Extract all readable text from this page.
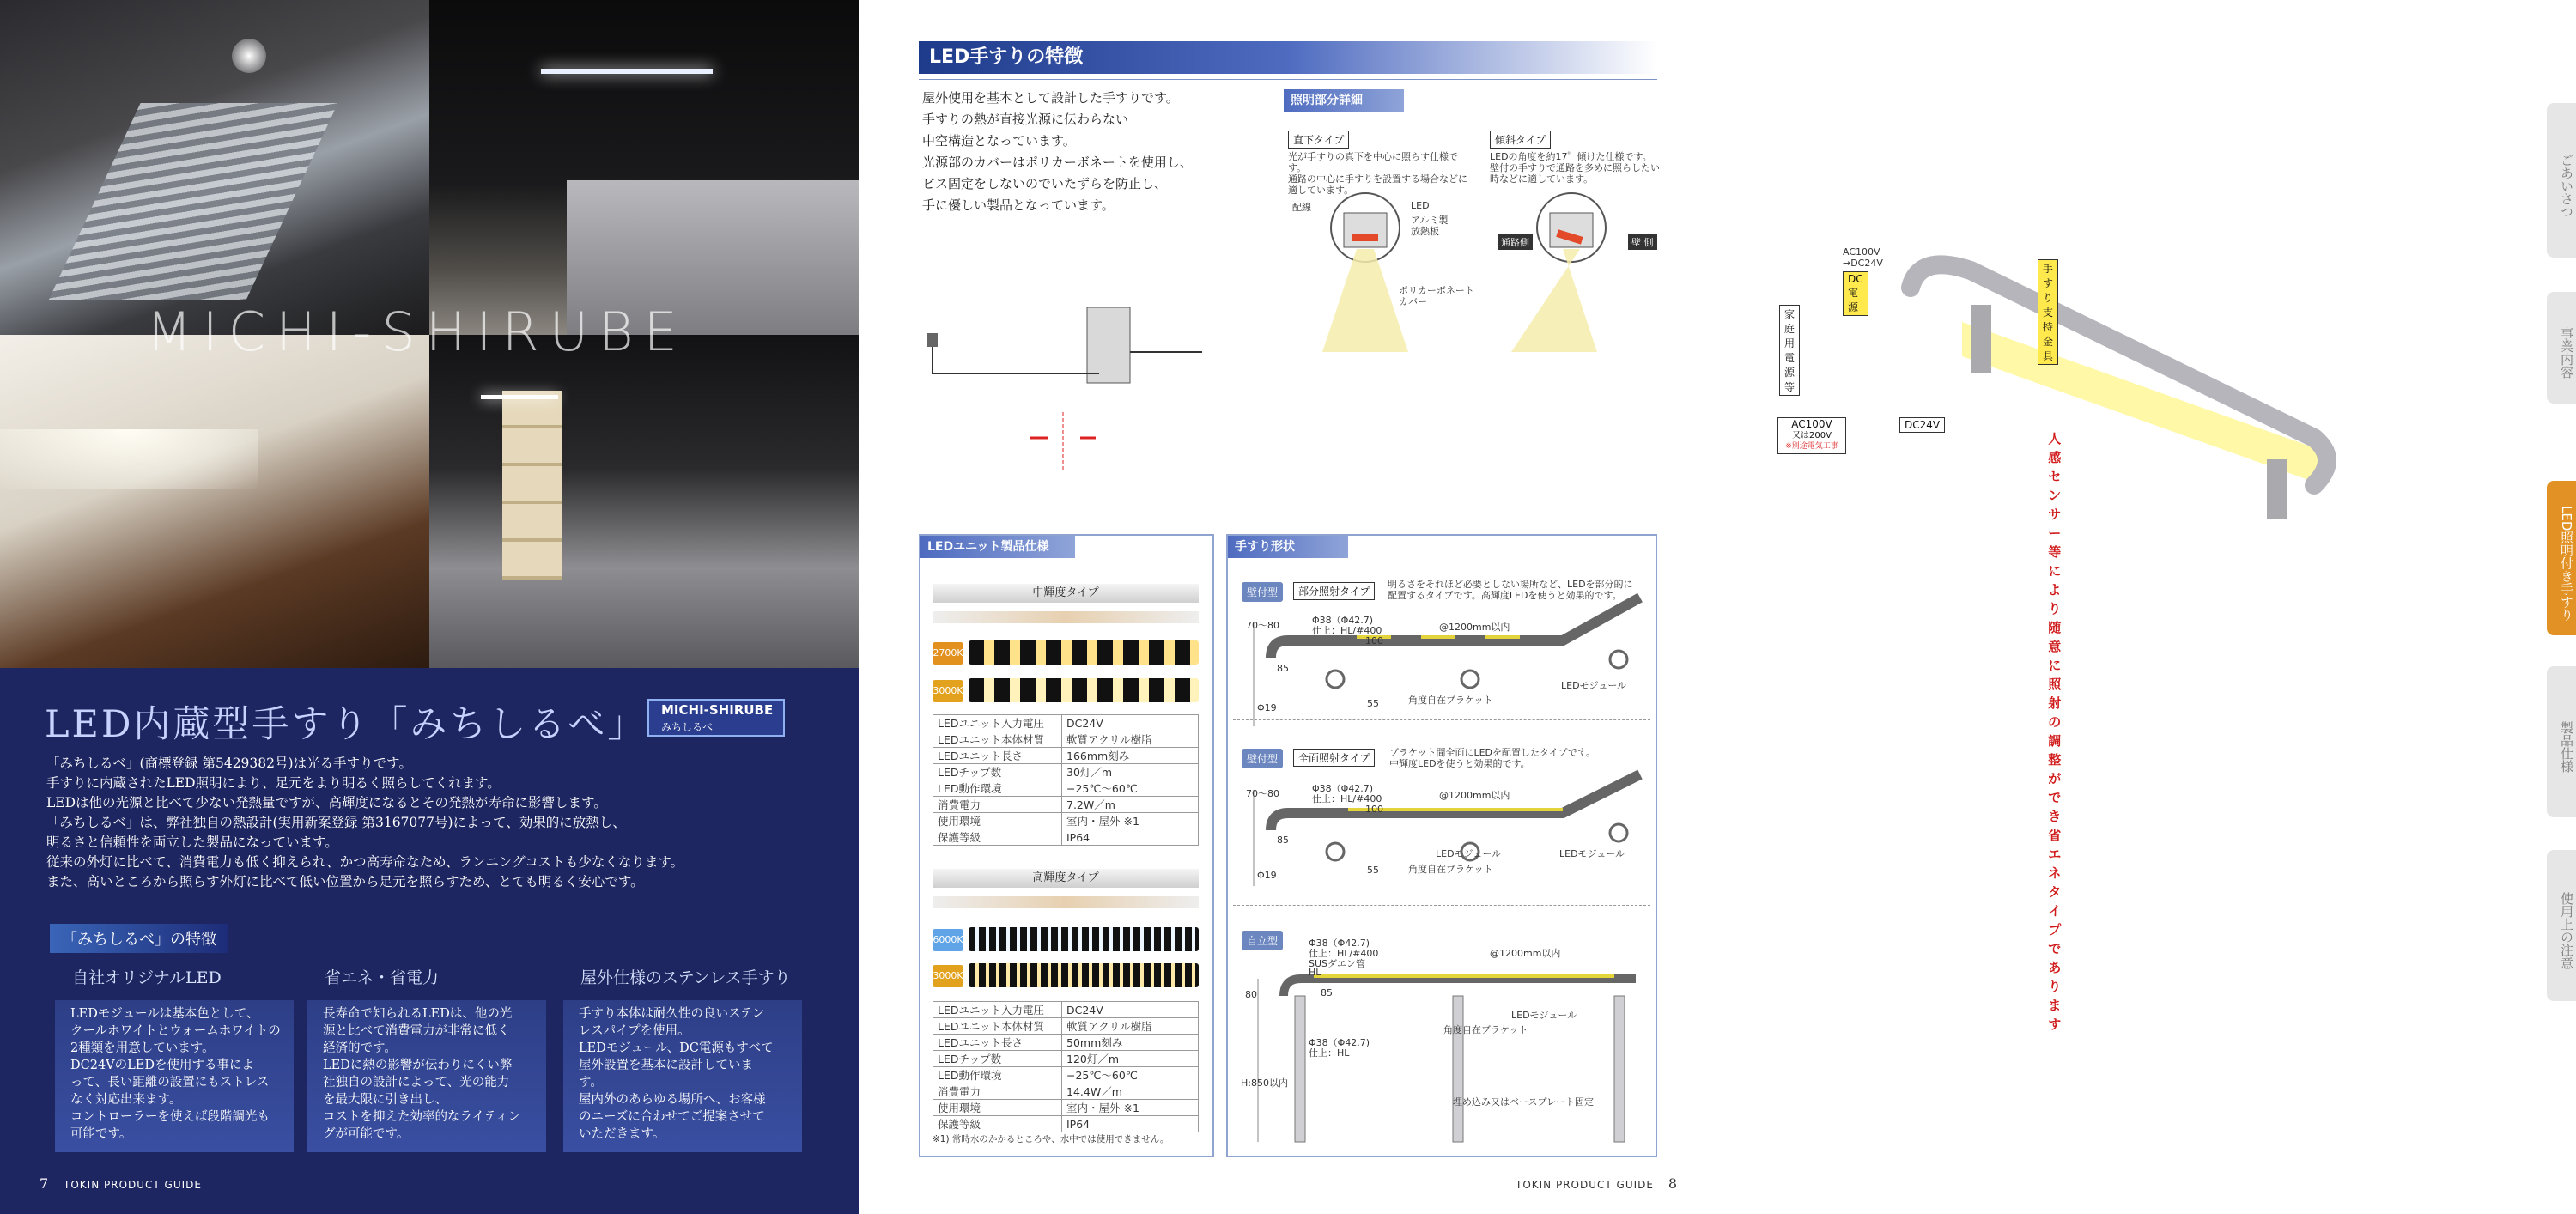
MICHI-SHIRUBE
LED内蔵型手すり「みちしるべ」 MICHI-SHIRUBE
みちしるべ
「みちしるべ」(商標登録 第5429382号)は光る手すりです。
手すりに内蔵されたLED照明により、足元をより明るく照らしてくれます。
LEDは他の光源と比べて少ない発熱量ですが、高輝度になるとその発熱が寿命に影響します。
「みちしるべ」は、弊社独自の熱設計(実用新案登録 第3167077号)によって、効果的に放熱し、
明るさと信頼性を両立した製品になっています。
従来の外灯に比べて、消費電力も低く抑えられ、かつ高寿命なため、ランニングコストも少なくなります。
また、高いところから照らす外灯に比べて低い位置から足元を照らすため、とても明るく安心です。
「みちしるべ」の特徴
自社オリジナルLED
LEDモジュールは基本色として、
クールホワイトとウォームホワイトの
2種類を用意しています。
DC24VのLEDを使用する事によ
って、長い距離の設置にもストレス
なく対応出来ます。
コントローラーを使えば段階調光も
可能です。
省エネ・省電力
長寿命で知られるLEDは、他の光
源と比べて消費電力が非常に低く
経済的です。
LEDに熱の影響が伝わりにくい弊
社独自の設計によって、光の能力
を最大限に引き出し、
コストを抑えた効率的なライティン
グが可能です。
屋外仕様のステンレス手すり
手すり本体は耐久性の良いステン
レスパイプを使用。
LEDモジュール、DC電源もすべて
屋外設置を基本に設計していま
す。
屋内外のあらゆる場所へ、お客様
のニーズに合わせてご提案させて
いただきます。
7 TOKIN PRODUCT GUIDE
LED手すりの特徴
屋外使用を基本として設計した手すりです。
手すりの熱が直接光源に伝わらない
中空構造となっています。
光源部のカバーはポリカーボネートを使用し、
ビス固定をしないのでいたずらを防止し、
手に優しい製品となっています。
照明部分詳細
直下タイプ	傾斜タイプ
光が手すりの真下を中心に照らす仕様です。
通路の中心に手すりを設置する場合などに
適しています。
LEDの角度を約17゜傾けた仕様です。
壁付の手すりで通路を多めに照らしたい
時などに適しています。
配線	LED
アルミ製
放熱板
ポリカーボネート
カバー
通路側	壁 側
AC100V
→DC24V
DC電源
家庭用電源等
手すり支持金具
AC100V
又は200V
※別途電気工事
DC24V
人感センサー等により
随意に照射の調整ができ
省エネタイプであります
LEDユニット製品仕様
中輝度タイプ
2700K
3000K
LEDユニット入力電圧	DC24V
LEDユニット本体材質	軟質アクリル樹脂
LEDユニット長さ	166mm刻み
LEDチップ数	30灯／m
LED動作環境	−25℃〜60℃
消費電力	7.2W／m
使用環境	室内・屋外 ※1
保護等級	IP64
高輝度タイプ
6000K
3000K
LEDユニット入力電圧	DC24V
LEDユニット本体材質	軟質アクリル樹脂
LEDユニット長さ	50mm刻み
LEDチップ数	120灯／m
LED動作環境	−25℃〜60℃
消費電力	14.4W／m
使用環境	室内・屋外 ※1
保護等級	IP64
※1) 常時水のかかるところや、水中では使用できません。
手すり形状
壁付型	部分照射タイプ
明るさをそれほど必要としない場所など、LEDを部分的に
配置するタイプです。高輝度LEDを使うと効果的です。
70〜80	Φ38（Φ42.7)
仕上：HL/#400
100
@1200mm以内
85
Φ19	55	角度自在ブラケット
LEDモジュール
壁付型	全面照射タイプ	ブラケット間全面にLEDを配置したタイプです。
中輝度LEDを使うと効果的です。
70〜80	Φ38（Φ42.7)
仕上：HL/#400
100
@1200mm以内
85
Φ19	55	角度自在ブラケット
LEDモジュール	LEDモジュール
自立型	Φ38（Φ42.7)
仕上：HL/#400
SUSダエン管
HL
@1200mm以内
80	85
LEDモジュール
角度自在ブラケット
Φ38（Φ42.7)
仕上：HL
H:850以内
埋め込み又はベースプレート固定
ごあいさつ
事業内容
LED照明付き手すり
製品仕様
使用上の注意
TOKIN PRODUCT GUIDE 8
